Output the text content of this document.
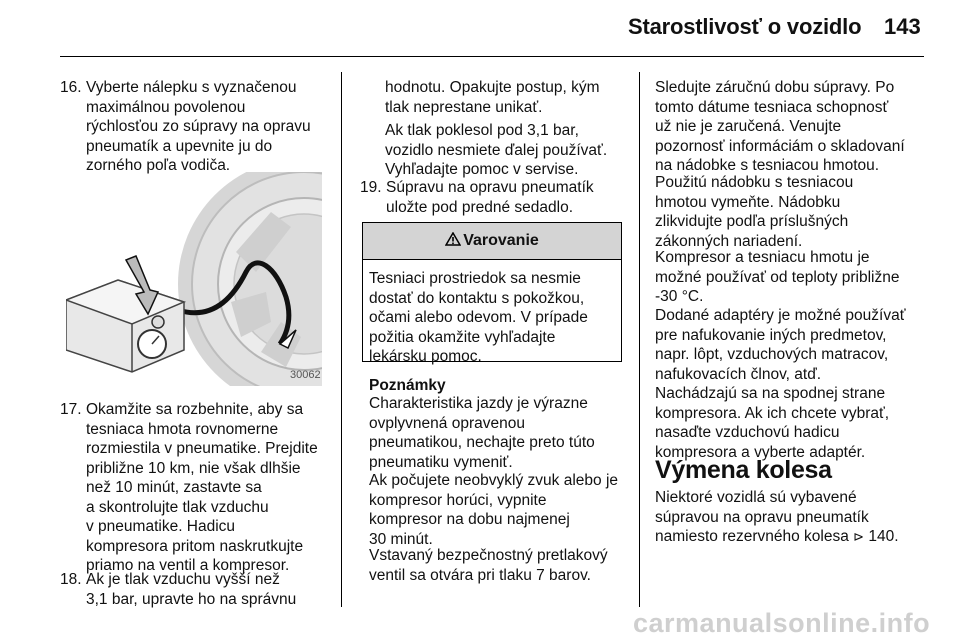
Starostlivosť o vozidlo 143
16. Vyberte nálepku s vyznačenou
maximálnou povolenou
rýchlosťou zo súpravy na opravu
pneumatík a upevnite ju do
zorného poľa vodiča.
17. Okamžite sa rozbehnite, aby sa
tesniaca hmota rovnomerne
rozmiestila v pneumatike. Prejdite
približne 10 km, nie však dlhšie
než 10 minút, zastavte sa
a skontrolujte tlak vzduchu
v pneumatike. Hadicu
kompresora pritom naskrutkujte
priamo na ventil a kompresor.
18. Ak je tlak vzduchu vyšší než
3,1 bar, upravte ho na správnu
30062
hodnotu. Opakujte postup, kým
tlak neprestane unikať.
Ak tlak poklesol pod 3,1 bar,
vozidlo nesmiete ďalej používať.
Vyhľadajte pomoc v servise.
19. Súpravu na opravu pneumatík
uložte pod predné sedadlo.
Varovanie
Tesniaci prostriedok sa nesmie
dostať do kontaktu s pokožkou,
očami alebo odevom. V prípade
požitia okamžite vyhľadajte
lekársku pomoc.
Poznámky
Charakteristika jazdy je výrazne
ovplyvnená opravenou
pneumatikou, nechajte preto túto
pneumatiku vymeniť.
Ak počujete neobvyklý zvuk alebo je
kompresor horúci, vypnite
kompresor na dobu najmenej
30 minút.
Vstavaný bezpečnostný pretlakový
ventil sa otvára pri tlaku 7 barov.
Sledujte záručnú dobu súpravy. Po
tomto dátume tesniaca schopnosť
už nie je zaručená. Venujte
pozornosť informáciám o skladovaní
na nádobke s tesniacou hmotou.
Použitú nádobku s tesniacou
hmotou vymeňte. Nádobku
zlikvidujte podľa príslušných
zákonných nariadení.
Kompresor a tesniacu hmotu je
možné používať od teploty približne
-30 °C.
Dodané adaptéry je možné používať
pre nafukovanie iných predmetov,
napr. lôpt, vzduchových matracov,
nafukovacích člnov, atď.
Nachádzajú sa na spodnej strane
kompresora. Ak ich chcete vybrať,
nasaďte vzduchovú hadicu
kompresora a vyberte adaptér.
Niektoré vozidlá sú vybavené
súpravou na opravu pneumatík
namiesto rezervného kolesa ⊳ 140.
Výmena kolesa
carmanualsonline.info
